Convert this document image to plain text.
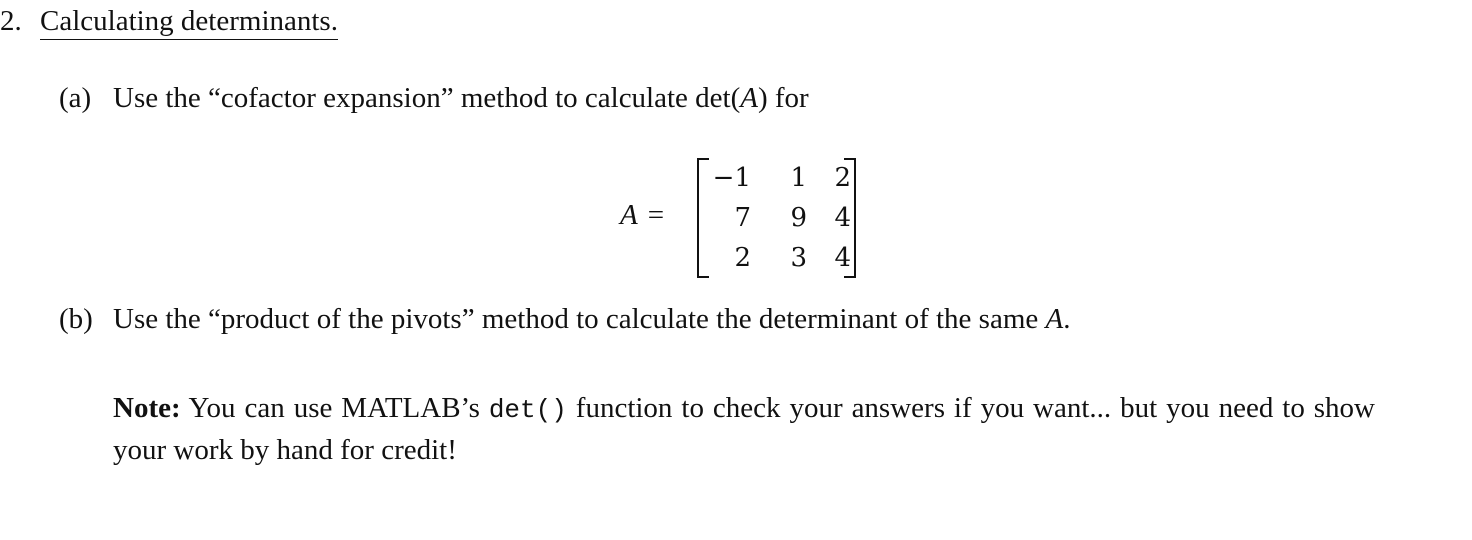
2. Calculating determinants.
(a) Use the “cofactor expansion” method to calculate det(A) for
A =
−1	1	2
7	9	4
2	3	4
(b) Use the “product of the pivots” method to calculate the determinant of the same A.
Note: You can use MATLAB’s det() function to check your answers if you want... but you need to show your work by hand for credit!
